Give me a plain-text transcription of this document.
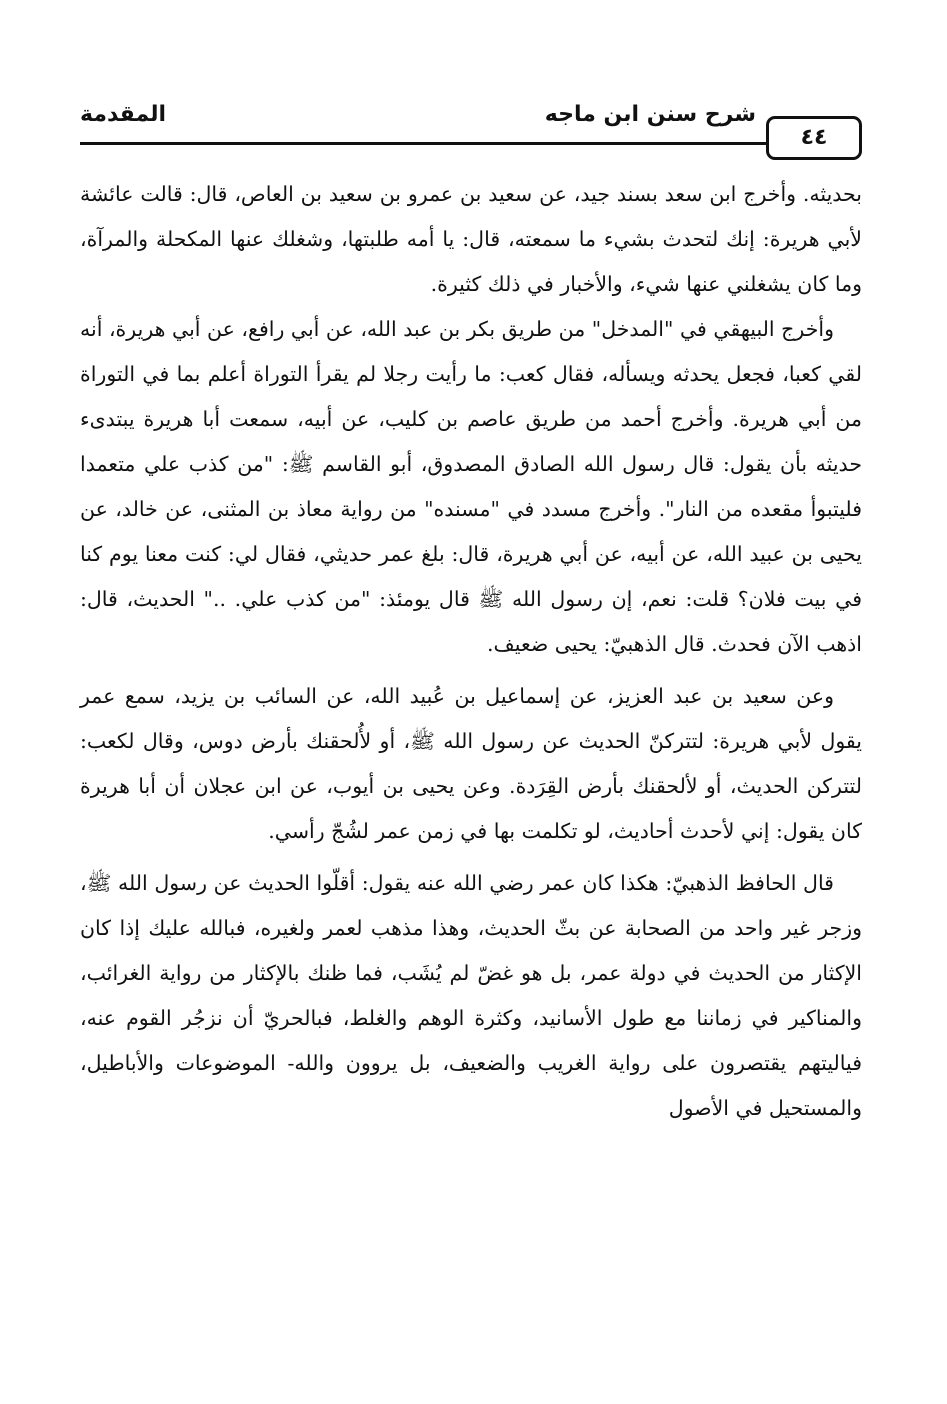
المقدمة	شرح سنن ابن ماجه
٤٤

بحديثه. وأخرج ابن سعد بسند جيد، عن سعيد بن عمرو بن سعيد بن العاص، قال: قالت عائشة لأبي هريرة: إنك لتحدث بشيء ما سمعته، قال: يا أمه طلبتها، وشغلك عنها المكحلة والمرآة، وما كان يشغلني عنها شيء، والأخبار في ذلك كثيرة.

وأخرج البيهقي في "المدخل" من طريق بكر بن عبد الله، عن أبي رافع، عن أبي هريرة، أنه لقي كعبا، فجعل يحدثه ويسأله، فقال كعب: ما رأيت رجلا لم يقرأ التوراة أعلم بما في التوراة من أبي هريرة. وأخرج أحمد من طريق عاصم بن كليب، عن أبيه، سمعت أبا هريرة يبتدىء حديثه بأن يقول: قال رسول الله الصادق المصدوق، أبو القاسم ﷺ: "من كذب علي متعمدا فليتبوأ مقعده من النار". وأخرج مسدد في "مسنده" من رواية معاذ بن المثنى، عن خالد، عن يحيى بن عبيد الله، عن أبيه، عن أبي هريرة، قال: بلغ عمر حديثي، فقال لي: كنت معنا يوم كنا في بيت فلان؟ قلت: نعم، إن رسول الله ﷺ قال يومئذ: "من كذب علي. .." الحديث، قال: اذهب الآن فحدث. قال الذهبيّ: يحيى ضعيف.

وعن سعيد بن عبد العزيز، عن إسماعيل بن عُبيد الله، عن السائب بن يزيد، سمع عمر يقول لأبي هريرة: لتتركنّ الحديث عن رسول الله ﷺ، أو لأُلحقنك بأرض دوس، وقال لكعب: لتتركن الحديث، أو لألحقنك بأرض القِرَدة. وعن يحيى بن أيوب، عن ابن عجلان أن أبا هريرة كان يقول: إني لأحدث أحاديث، لو تكلمت بها في زمن عمر لشُجّ رأسي.

قال الحافظ الذهبيّ: هكذا كان عمر رضي الله عنه يقول: أقلّوا الحديث عن رسول الله ﷺ، وزجر غير واحد من الصحابة عن بثّ الحديث، وهذا مذهب لعمر ولغيره، فبالله عليك إذا كان الإكثار من الحديث في دولة عمر، بل هو غضّ لم يُشَب، فما ظنك بالإكثار من رواية الغرائب، والمناكير في زماننا مع طول الأسانيد، وكثرة الوهم والغلط، فبالحريّ أن نزجُر القوم عنه، فياليتهم يقتصرون على رواية الغريب والضعيف، بل يروون والله- الموضوعات والأباطيل، والمستحيل في الأصول
